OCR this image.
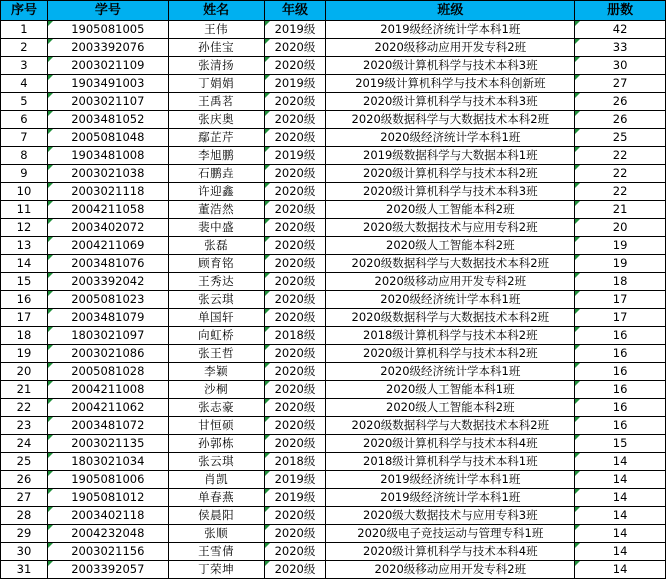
序号	学号	姓名	年级	班级	册数
1	1905081005	王伟	2019级	2019级经济统计学本科1班	42
2	2003392076	孙佳宝	2020级	2020级移动应用开发专科2班	33
3	2003021109	张清扬	2020级	2020级计算机科学与技术本科3班	30
4	1903491003	丁娟娟	2019级	2019级计算机科学与技术本科创新班	27
5	2003021107	王禹茗	2020级	2020级计算机科学与技术本科3班	26
6	2003481052	张庆奥	2020级	2020级数据科学与大数据技术本科2班	26
7	2005081048	鄢芷芹	2020级	2020级经济统计学本科1班	25
8	1903481008	李旭鹏	2019级	2019级数据科学与大数据本科1班	22
9	2003021038	石鹏垚	2020级	2020级计算机科学与技术本科2班	22
10	2003021118	许迎鑫	2020级	2020级计算机科学与技术本科3班	22
11	2004211058	董浩然	2020级	2020级人工智能本科2班	21
12	2003402072	裴中盛	2020级	2020级大数据技术与应用专科2班	20
13	2004211069	张磊	2020级	2020级人工智能本科2班	19
14	2003481076	顾育铭	2020级	2020级数据科学与大数据技术本科2班	19
15	2003392042	王秀达	2020级	2020级移动应用开发专科2班	18
16	2005081023	张云琪	2020级	2020级经济统计学本科1班	17
17	2003481079	单国轩	2020级	2020级数据科学与大数据技术本科2班	17
18	1803021097	向虹桥	2018级	2018级计算机科学与技术本科2班	16
19	2003021086	张王哲	2020级	2020级计算机科学与技术本科2班	16
20	2005081028	李颖	2020级	2020级经济统计学本科1班	16
21	2004211008	沙桐	2020级	2020级人工智能本科1班	16
22	2004211062	张志豪	2020级	2020级人工智能本科2班	16
23	2003481072	甘恒硕	2020级	2020级数据科学与大数据技术本科2班	16
24	2003021135	孙郭栋	2020级	2020级计算机科学与技术本科4班	15
25	1803021034	张云琪	2018级	2018级计算机科学与技术本科1班	14
26	1905081006	肖凯	2019级	2019级经济统计学本科1班	14
27	1905081012	单春燕	2019级	2019级经济统计学本科1班	14
28	2003402118	侯晨阳	2020级	2020级大数据技术与应用专科3班	14
29	2004232048	张顺	2020级	2020级电子竞技运动与管理专科1班	14
30	2003021156	王雪倩	2020级	2020级计算机科学与技术本科4班	14
31	2003392057	丁荣坤	2020级	2020级移动应用开发专科2班	14
